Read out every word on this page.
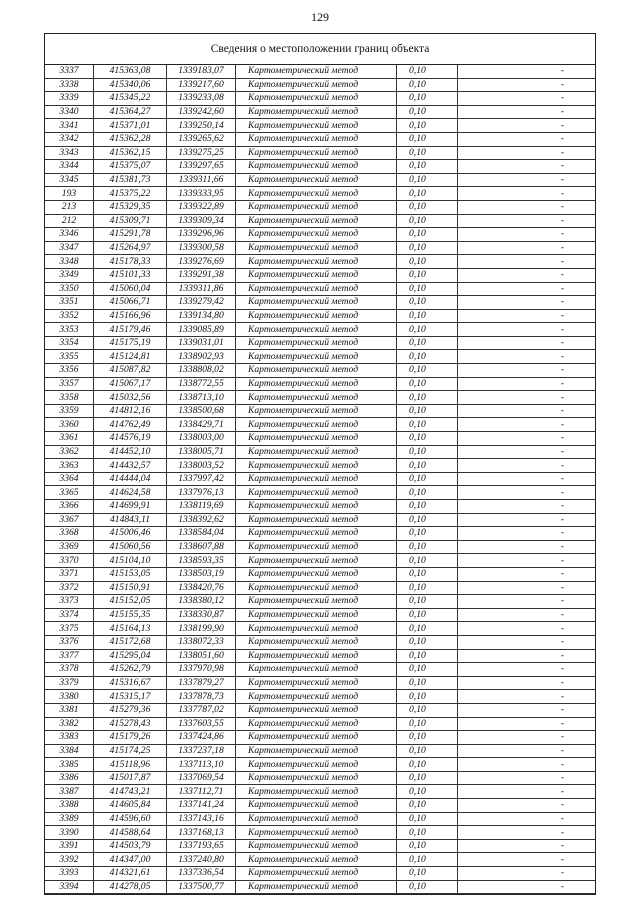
129
Сведения о местоположении границ объекта
3337	415363,08	1339183,07	Картометрический метод	0,10	-
3338	415340,06	1339217,60	Картометрический метод	0,10	-
3339	415345,22	1339233,08	Картометрический метод	0,10	-
3340	415364,27	1339242,60	Картометрический метод	0,10	-
3341	415371,01	1339250,14	Картометрический метод	0,10	-
3342	415362,28	1339265,62	Картометрический метод	0,10	-
3343	415362,15	1339275,25	Картометрический метод	0,10	-
3344	415375,07	1339297,65	Картометрический метод	0,10	-
3345	415381,73	1339311,66	Картометрический метод	0,10	-
193	415375,22	1339333,95	Картометрический метод	0,10	-
213	415329,35	1339322,89	Картометрический метод	0,10	-
212	415309,71	1339309,34	Картометрический метод	0,10	-
3346	415291,78	1339296,96	Картометрический метод	0,10	-
3347	415264,97	1339300,58	Картометрический метод	0,10	-
3348	415178,33	1339276,69	Картометрический метод	0,10	-
3349	415101,33	1339291,38	Картометрический метод	0,10	-
3350	415060,04	1339311,86	Картометрический метод	0,10	-
3351	415066,71	1339279,42	Картометрический метод	0,10	-
3352	415166,96	1339134,80	Картометрический метод	0,10	-
3353	415179,46	1339085,89	Картометрический метод	0,10	-
3354	415175,19	1339031,01	Картометрический метод	0,10	-
3355	415124,81	1338902,93	Картометрический метод	0,10	-
3356	415087,82	1338808,02	Картометрический метод	0,10	-
3357	415067,17	1338772,55	Картометрический метод	0,10	-
3358	415032,56	1338713,10	Картометрический метод	0,10	-
3359	414812,16	1338500,68	Картометрический метод	0,10	-
3360	414762,49	1338429,71	Картометрический метод	0,10	-
3361	414576,19	1338003,00	Картометрический метод	0,10	-
3362	414452,10	1338005,71	Картометрический метод	0,10	-
3363	414432,57	1338003,52	Картометрический метод	0,10	-
3364	414444,04	1337997,42	Картометрический метод	0,10	-
3365	414624,58	1337976,13	Картометрический метод	0,10	-
3366	414699,91	1338119,69	Картометрический метод	0,10	-
3367	414843,11	1338392,62	Картометрический метод	0,10	-
3368	415006,46	1338584,04	Картометрический метод	0,10	-
3369	415060,56	1338607,88	Картометрический метод	0,10	-
3370	415104,10	1338593,35	Картометрический метод	0,10	-
3371	415153,05	1338503,19	Картометрический метод	0,10	-
3372	415150,91	1338420,76	Картометрический метод	0,10	-
3373	415152,05	1338380,12	Картометрический метод	0,10	-
3374	415155,35	1338330,87	Картометрический метод	0,10	-
3375	415164,13	1338199,90	Картометрический метод	0,10	-
3376	415172,68	1338072,33	Картометрический метод	0,10	-
3377	415295,04	1338051,60	Картометрический метод	0,10	-
3378	415262,79	1337970,98	Картометрический метод	0,10	-
3379	415316,67	1337879,27	Картометрический метод	0,10	-
3380	415315,17	1337878,73	Картометрический метод	0,10	-
3381	415279,36	1337787,02	Картометрический метод	0,10	-
3382	415278,43	1337603,55	Картометрический метод	0,10	-
3383	415179,26	1337424,86	Картометрический метод	0,10	-
3384	415174,25	1337237,18	Картометрический метод	0,10	-
3385	415118,96	1337113,10	Картометрический метод	0,10	-
3386	415017,87	1337069,54	Картометрический метод	0,10	-
3387	414743,21	1337112,71	Картометрический метод	0,10	-
3388	414605,84	1337141,24	Картометрический метод	0,10	-
3389	414596,60	1337143,16	Картометрический метод	0,10	-
3390	414588,64	1337168,13	Картометрический метод	0,10	-
3391	414503,79	1337193,65	Картометрический метод	0,10	-
3392	414347,00	1337240,80	Картометрический метод	0,10	-
3393	414321,61	1337336,54	Картометрический метод	0,10	-
3394	414278,05	1337500,77	Картометрический метод	0,10	-
